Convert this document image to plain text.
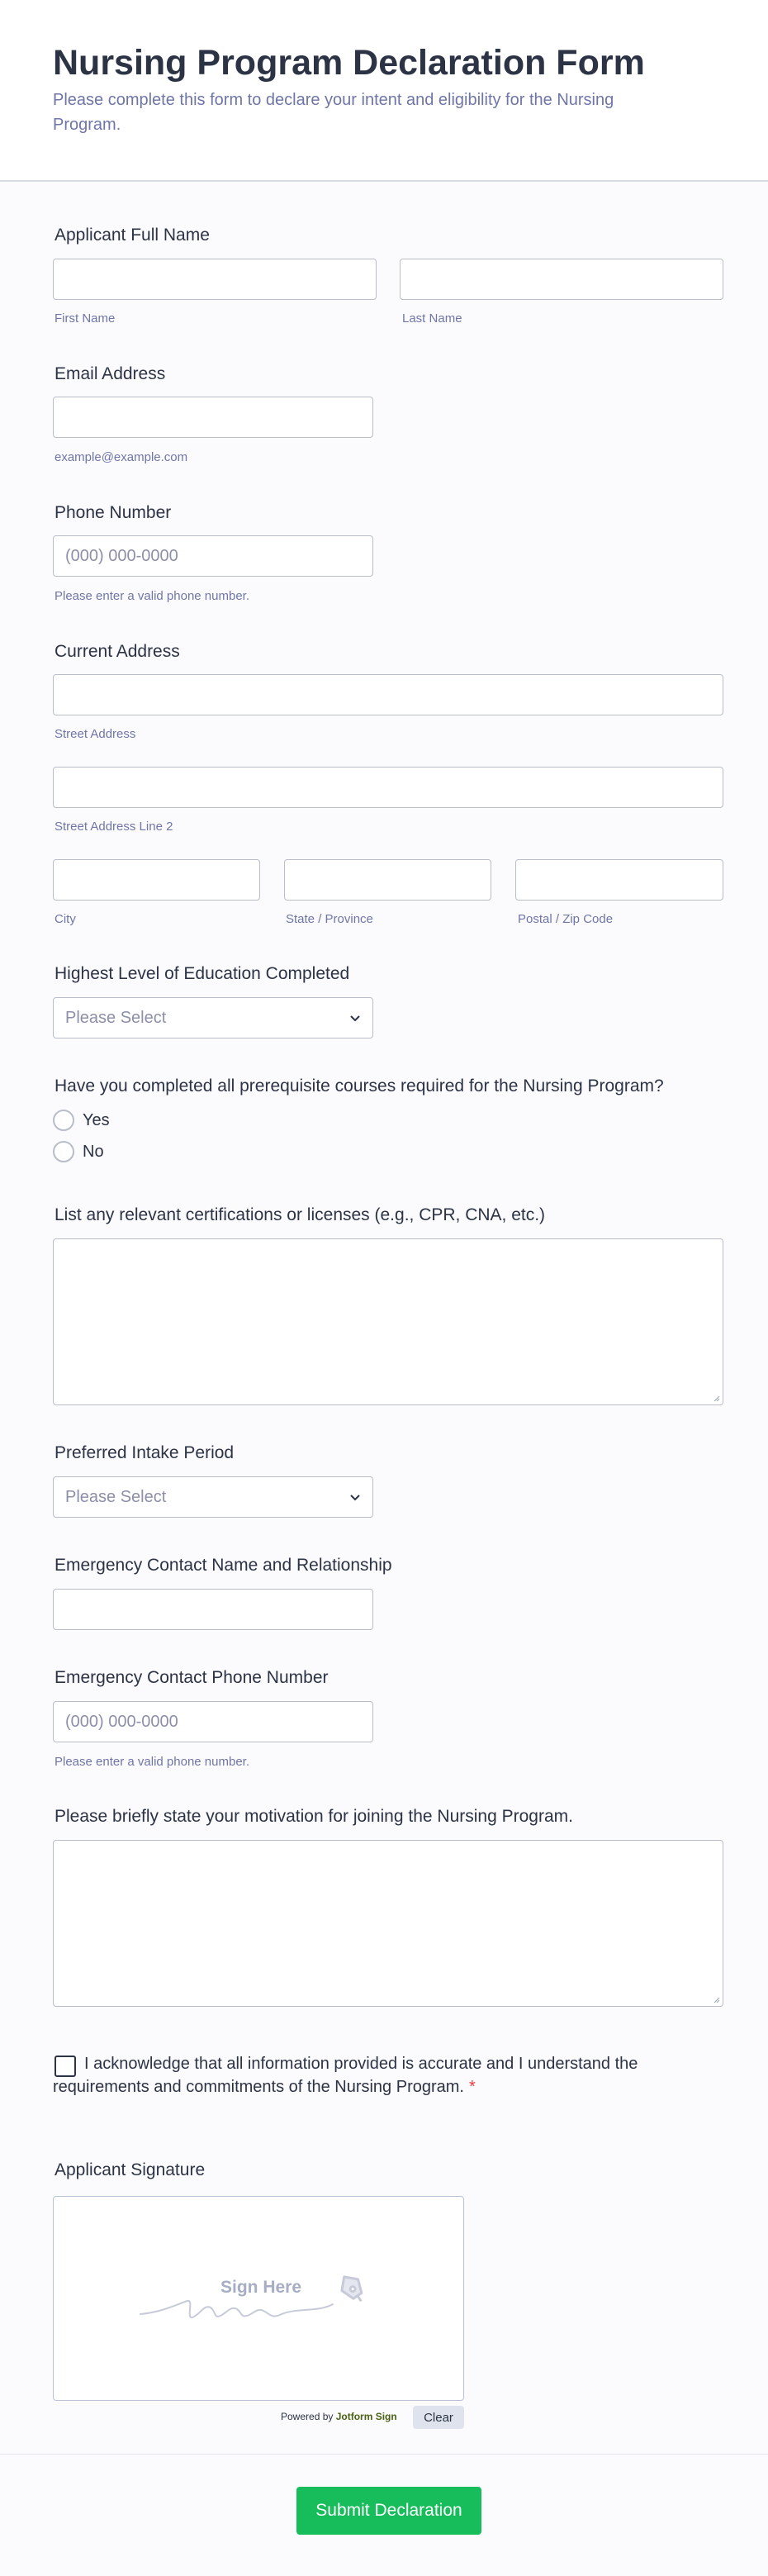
Nursing Program Declaration Form

Please complete this form to declare your intent and eligibility for the Nursing Program.

Applicant Full Name
First Name	Last Name
Email Address
example@example.com
Phone Number
(000) 000-0000
Please enter a valid phone number.
Current Address
Street Address
Street Address Line 2
City	State / Province	Postal / Zip Code
Highest Level of Education Completed
Please Select
Have you completed all prerequisite courses required for the Nursing Program?
Yes
No
List any relevant certifications or licenses (e.g., CPR, CNA, etc.)
Preferred Intake Period
Please Select
Emergency Contact Name and Relationship
Emergency Contact Phone Number
(000) 000-0000
Please enter a valid phone number.
Please briefly state your motivation for joining the Nursing Program.

I acknowledge that all information provided is accurate and I understand the requirements and commitments of the Nursing Program. *

Applicant Signature
Sign Here
Powered by Jotform Sign	Clear
Submit Declaration
